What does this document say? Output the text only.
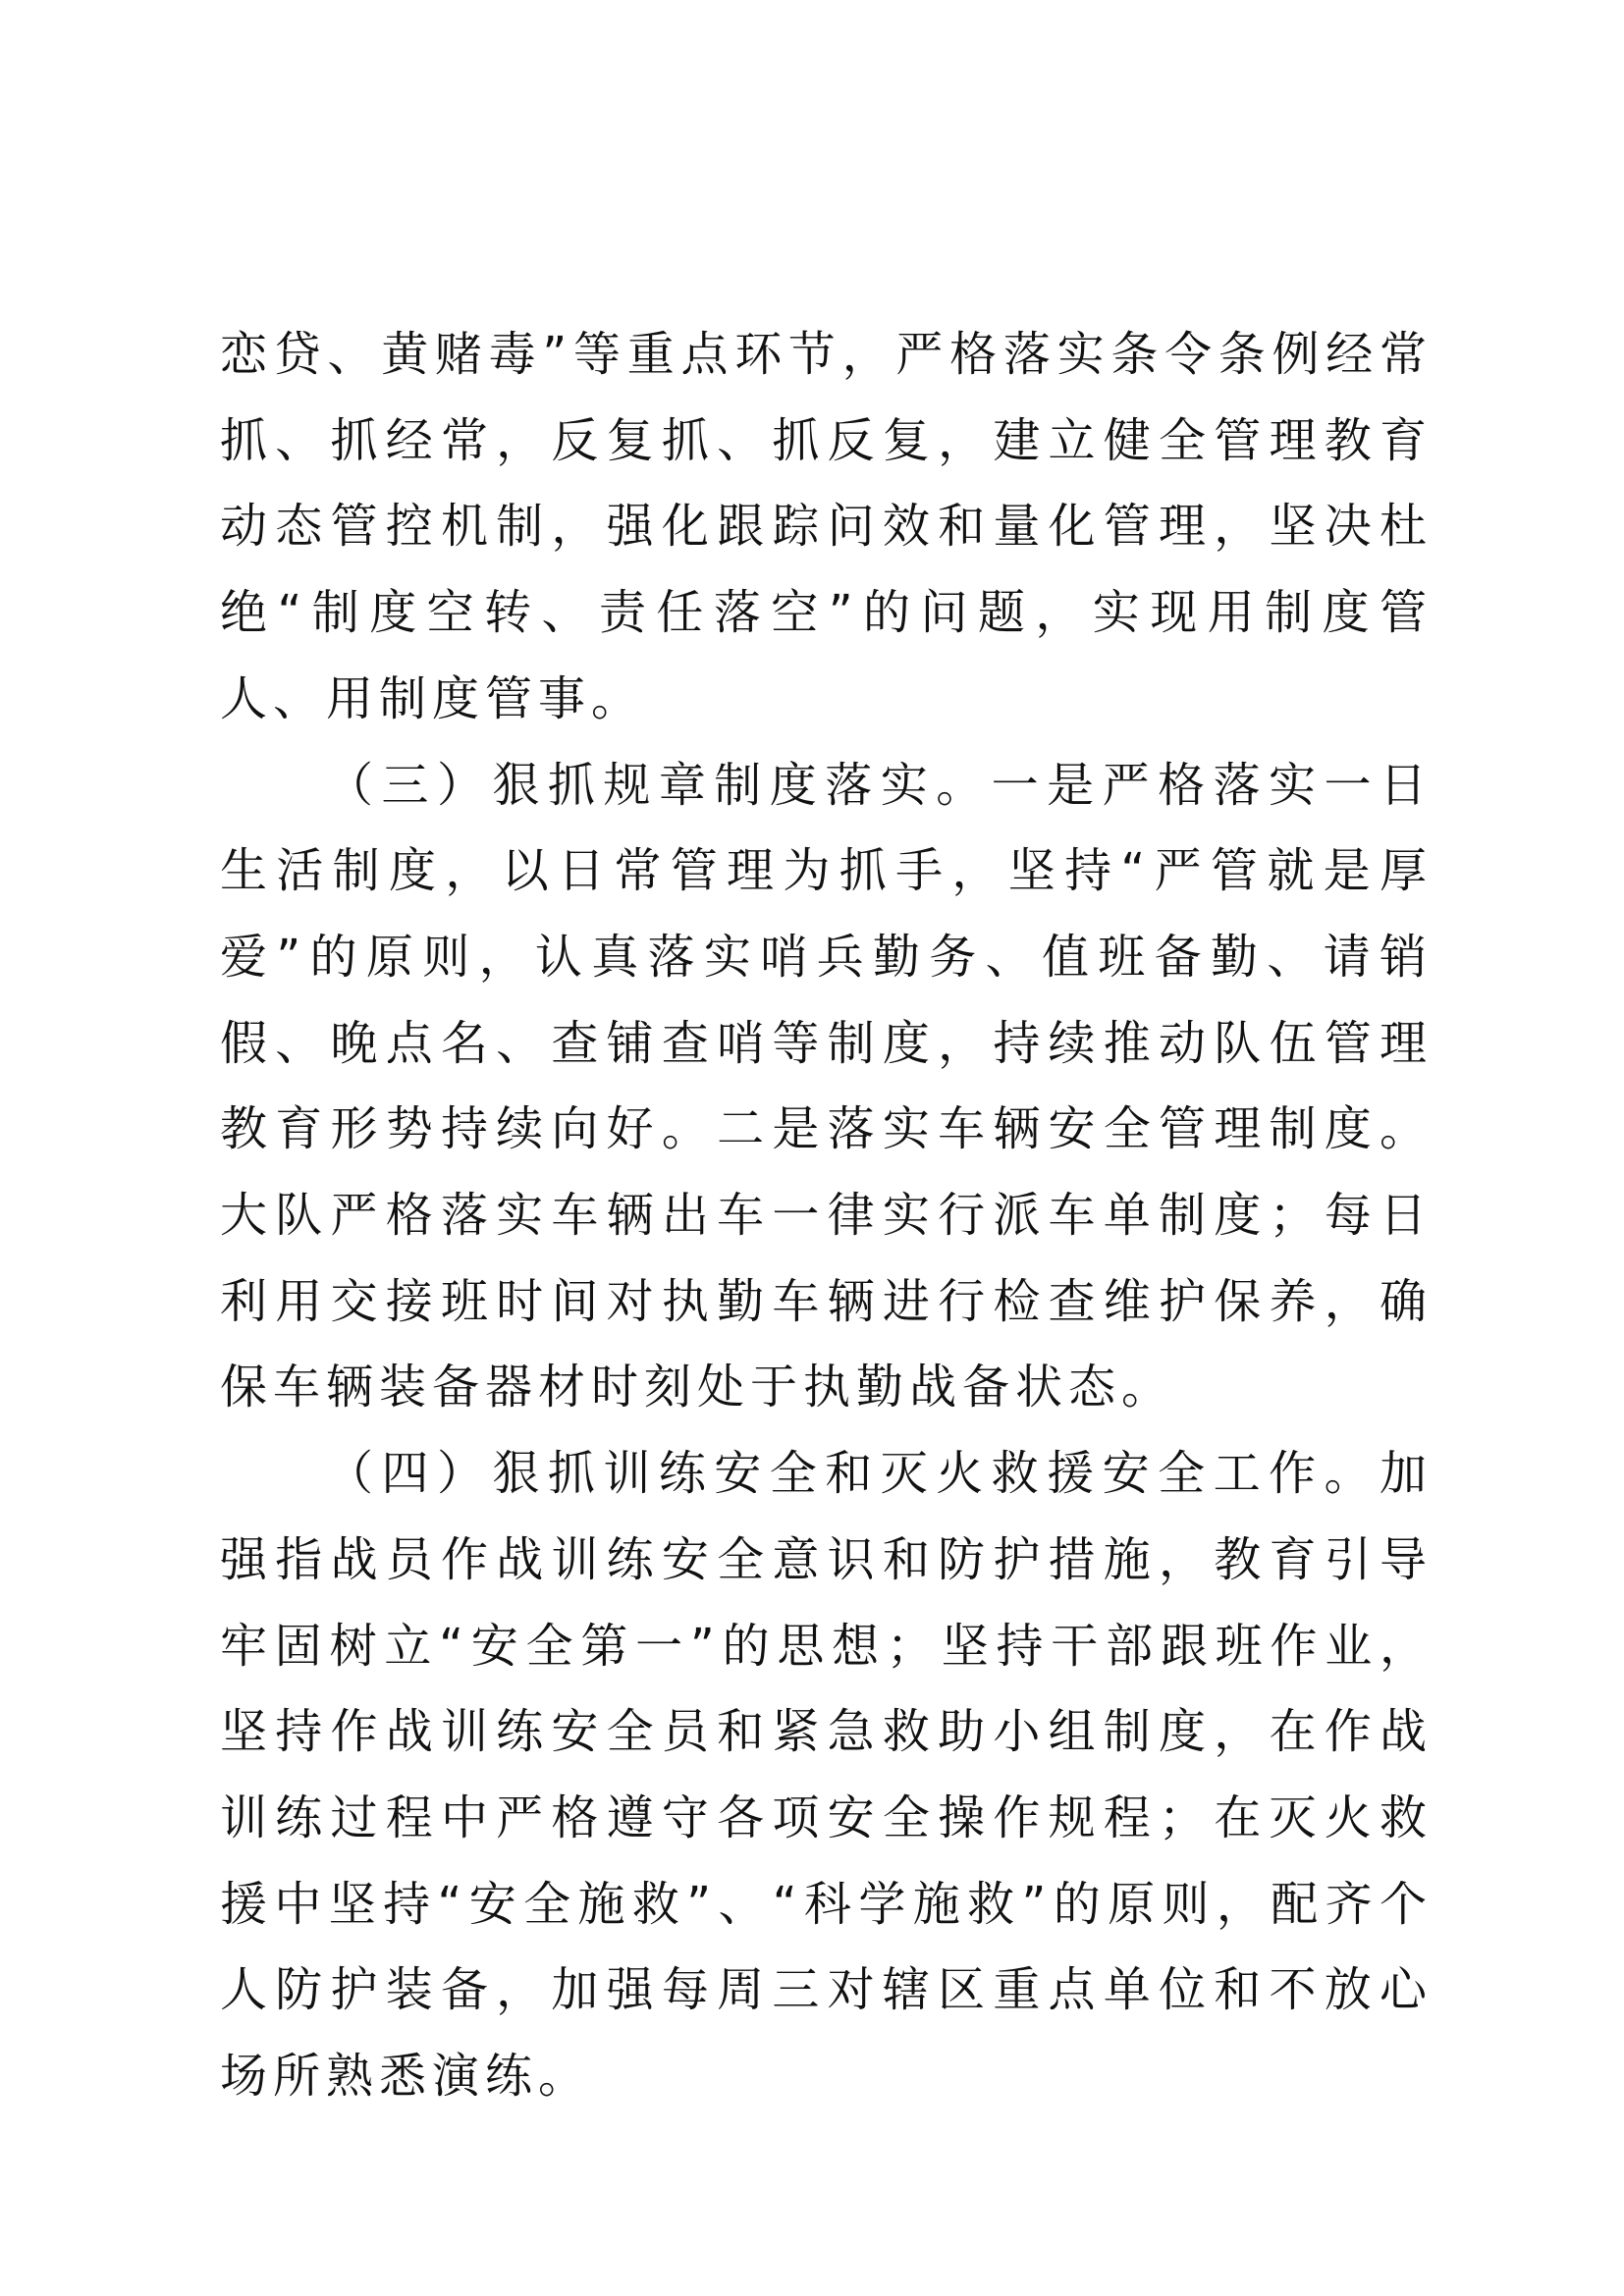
恋贷、黄赌毒”等重点环节，严格落实条令条例经常抓、抓经常，反复抓、抓反复，建立健全管理教育动态管控机制，强化跟踪问效和量化管理，坚决杜绝“制度空转、责任落空”的问题，实现用制度管人、用制度管事。

（三）狠抓规章制度落实。一是严格落实一日生活制度，以日常管理为抓手，坚持“严管就是厚爱”的原则，认真落实哨兵勤务、值班备勤、请销假、晚点名、查铺查哨等制度，持续推动队伍管理教育形势持续向好。二是落实车辆安全管理制度。大队严格落实车辆出车一律实行派车单制度；每日利用交接班时间对执勤车辆进行检查维护保养，确保车辆装备器材时刻处于执勤战备状态。

（四）狠抓训练安全和灭火救援安全工作。加强指战员作战训练安全意识和防护措施，教育引导牢固树立“安全第一”的思想；坚持干部跟班作业，坚持作战训练安全员和紧急救助小组制度，在作战训练过程中严格遵守各项安全操作规程；在灭火救援中坚持“安全施救”、“科学施救”的原则，配齐个人防护装备，加强每周三对辖区重点单位和不放心场所熟悉演练。
